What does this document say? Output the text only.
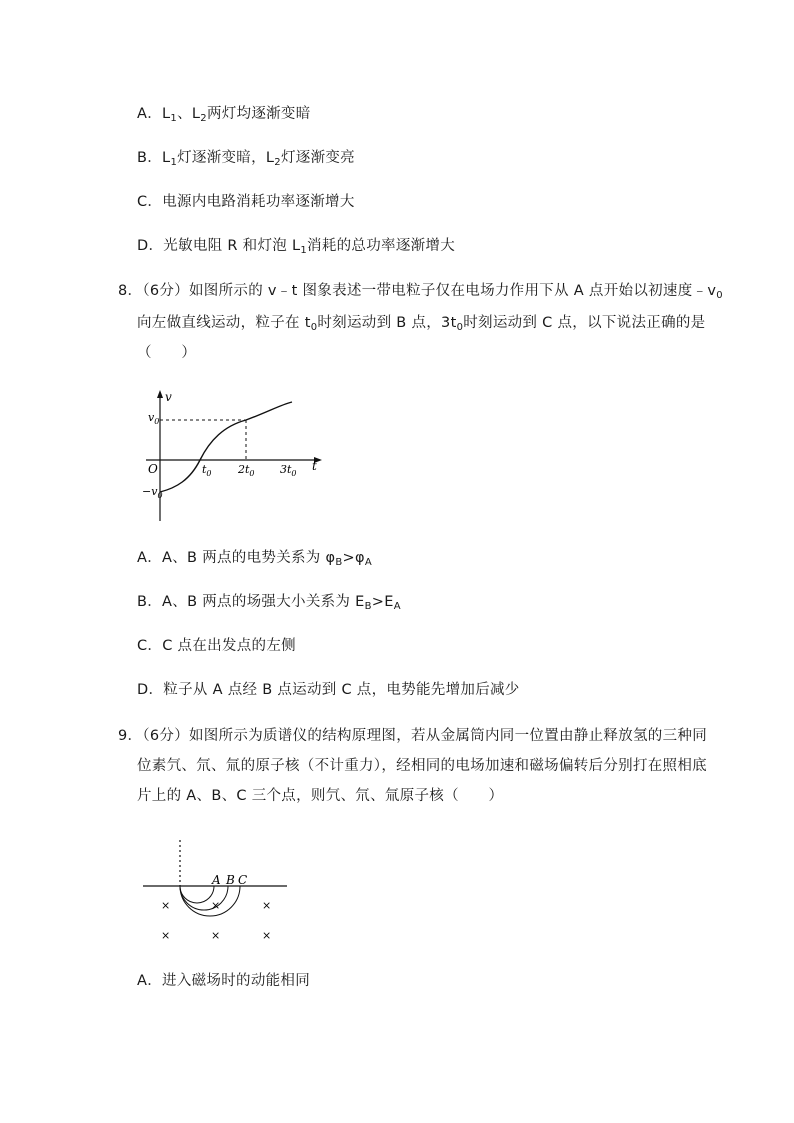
A．$L_1$、$L_2$两灯均逐渐变暗
B．$L_1$灯逐渐变暗，$L_2$灯逐渐变亮
C．电源内电路消耗功率逐渐增大
D．光敏电阻 R 和灯泡 $L_1$消耗的总功率逐渐增大
8．（6分）如图所示的 v﹣t 图象表述一带电粒子仅在电场力作用下从 A 点开始以初速度$﹣v_0$
向左做直线运动，粒子在 $t_0$时刻运动到 B 点，$3t_0$时刻运动到 C 点，以下说法正确的是
（　　）
v
t
O
$v_0$
$-v_0$
$t_0$ $2t_0$ $3t_0$
A．A、B 两点的电势关系为 $\varphi_B>\varphi_A$
B．A、B 两点的场强大小关系为 $E_B>E_A$
C．C 点在出发点的左侧
D．粒子从 A 点经 B 点运动到 C 点，电势能先增加后减少
9．（6分）如图所示为质谱仪的结构原理图，若从金属筒内同一位置由静止释放氢的三种同
位素氕、氘、氚的原子核（不计重力），经相同的电场加速和磁场偏转后分别打在照相底
片上的 A、B、C 三个点，则氕、氘、氚原子核（　　）
A B C
×	×	×
×	×	×
A．进入磁场时的动能相同
